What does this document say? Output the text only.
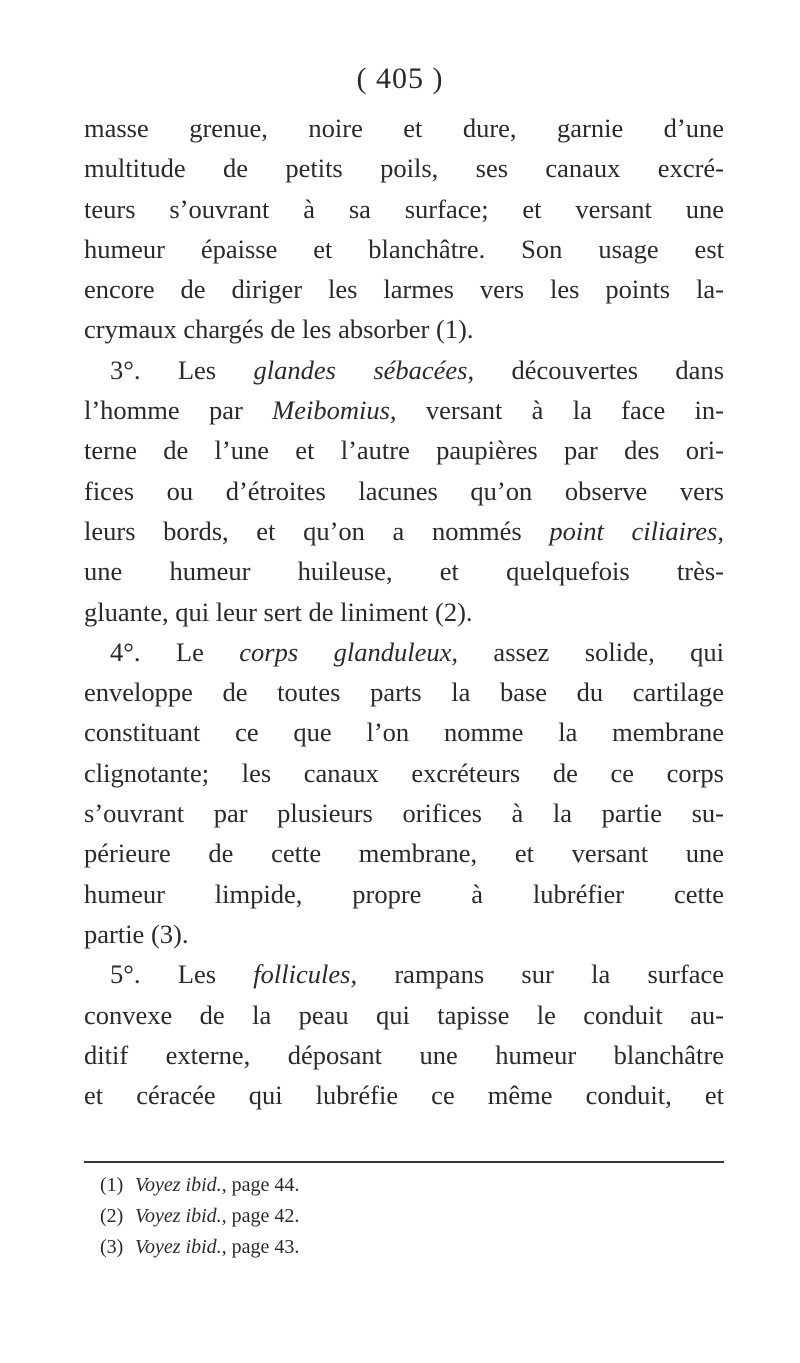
( 405 )
masse grenue, noire et dure, garnie d’une
multitude de petits poils, ses canaux excré-
teurs s’ouvrant à sa surface; et versant une
humeur épaisse et blanchâtre. Son usage est
encore de diriger les larmes vers les points la-
crymaux chargés de les absorber (1).
3°. Les glandes sébacées, découvertes dans
l’homme par Meibomius, versant à la face in-
terne de l’une et l’autre paupières par des ori-
fices ou d’étroites lacunes qu’on observe vers
leurs bords, et qu’on a nommés point ciliaires,
une humeur huileuse, et quelquefois très-
gluante, qui leur sert de liniment (2).
4°. Le corps glanduleux, assez solide, qui
enveloppe de toutes parts la base du cartilage
constituant ce que l’on nomme la membrane
clignotante; les canaux excréteurs de ce corps
s’ouvrant par plusieurs orifices à la partie su-
périeure de cette membrane, et versant une
humeur limpide, propre à lubréfier cette
partie (3).
5°. Les follicules, rampans sur la surface
convexe de la peau qui tapisse le conduit au-
ditif externe, déposant une humeur blanchâtre
et céracée qui lubréfie ce même conduit, et
(1) Voyez ibid., page 44.
(2) Voyez ibid., page 42.
(3) Voyez ibid., page 43.
